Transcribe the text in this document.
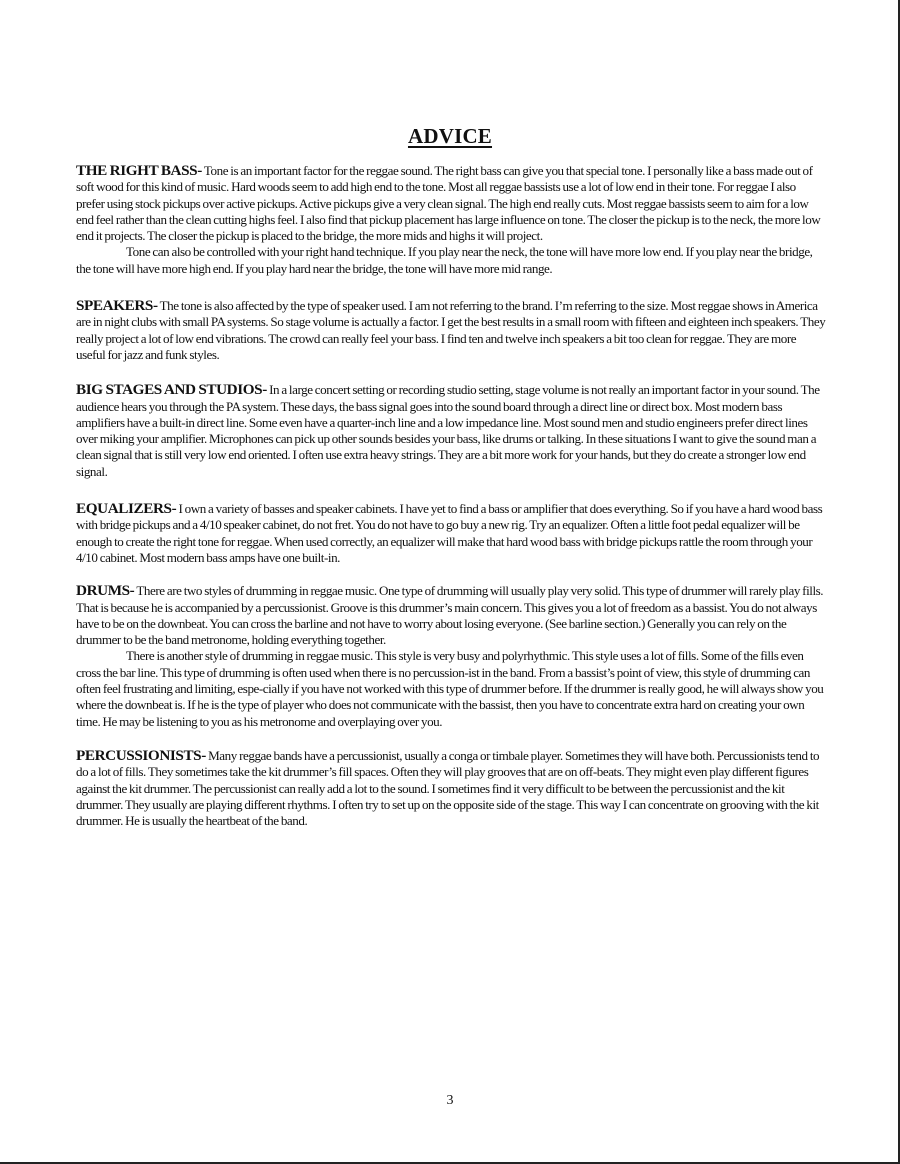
ADVICE

THE RIGHT BASS- Tone is an important factor for the reggae sound. The right bass can give you that special tone. I personally like a bass made out of soft wood for this kind of music. Hard woods seem to add high end to the tone. Most all reggae bassists use a lot of low end in their tone. For reggae I also prefer using stock pickups over active pickups. Active pickups give a very clean signal. The high end really cuts. Most reggae bassists seem to aim for a low end feel rather than the clean cutting highs feel. I also find that pickup placement has large influence on tone. The closer the pickup is to the neck, the more low end it projects. The closer the pickup is placed to the bridge, the more mids and highs it will project.

Tone can also be controlled with your right hand technique. If you play near the neck, the tone will have more low end. If you play near the bridge, the tone will have more high end. If you play hard near the bridge, the tone will have more mid range.

SPEAKERS- The tone is also affected by the type of speaker used. I am not referring to the brand. I’m referring to the size. Most reggae shows in America are in night clubs with small PA systems. So stage volume is actually a factor. I get the best results in a small room with fifteen and eighteen inch speakers. They really project a lot of low end vibrations. The crowd can really feel your bass. I find ten and twelve inch speakers a bit too clean for reggae. They are more useful for jazz and funk styles.

BIG STAGES AND STUDIOS- In a large concert setting or recording studio setting, stage volume is not really an important factor in your sound. The audience hears you through the PA system. These days, the bass signal goes into the sound board through a direct line or direct box. Most modern bass amplifiers have a built-in direct line. Some even have a quarter-inch line and a low impedance line. Most sound men and studio engineers prefer direct lines over miking your amplifier. Microphones can pick up other sounds besides your bass, like drums or talking. In these situations I want to give the sound man a clean signal that is still very low end oriented. I often use extra heavy strings. They are a bit more work for your hands, but they do create a stronger low end signal.

EQUALIZERS- I own a variety of basses and speaker cabinets. I have yet to find a bass or amplifier that does everything. So if you have a hard wood bass with bridge pickups and a 4/10 speaker cabinet, do not fret. You do not have to go buy a new rig. Try an equalizer. Often a little foot pedal equalizer will be enough to create the right tone for reggae. When used correctly, an equalizer will make that hard wood bass with bridge pickups rattle the room through your 4/10 cabinet. Most modern bass amps have one built-in.

DRUMS- There are two styles of drumming in reggae music. One type of drumming will usually play very solid. This type of drummer will rarely play fills. That is because he is accompanied by a percussionist. Groove is this drummer’s main concern. This gives you a lot of freedom as a bassist. You do not always have to be on the downbeat. You can cross the barline and not have to worry about losing everyone. (See barline section.) Generally you can rely on the drummer to be the band metronome, holding everything together.

There is another style of drumming in reggae music. This style is very busy and polyrhythmic. This style uses a lot of fills. Some of the fills even cross the bar line. This type of drumming is often used when there is no percussion-ist in the band. From a bassist’s point of view, this style of drumming can often feel frustrating and limiting, espe-cially if you have not worked with this type of drummer before. If the drummer is really good, he will always show you where the downbeat is. If he is the type of player who does not communicate with the bassist, then you have to concentrate extra hard on creating your own time. He may be listening to you as his metronome and overplaying over you.

PERCUSSIONISTS- Many reggae bands have a percussionist, usually a conga or timbale player. Sometimes they will have both. Percussionists tend to do a lot of fills. They sometimes take the kit drummer’s fill spaces. Often they will play grooves that are on off-beats. They might even play different figures against the kit drummer. The percussionist can really add a lot to the sound. I sometimes find it very difficult to be between the percussionist and the kit drummer. They usually are playing different rhythms. I often try to set up on the opposite side of the stage. This way I can concentrate on grooving with the kit drummer. He is usually the heartbeat of the band.

3
